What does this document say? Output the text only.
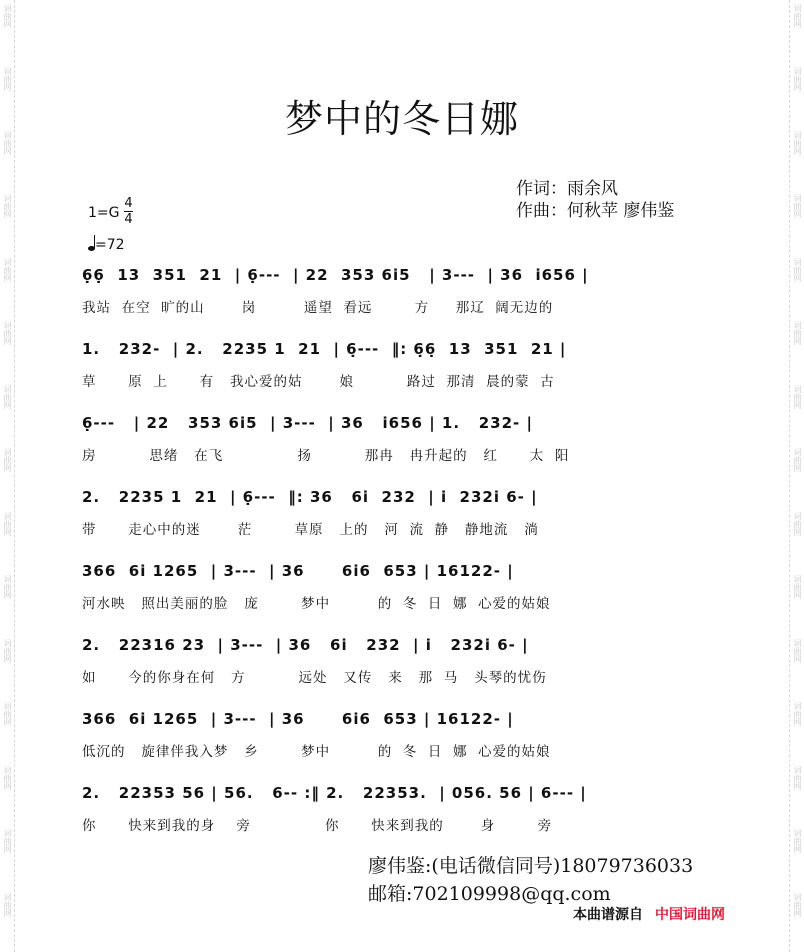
词曲网
词曲网
词曲网
词曲网
词曲网
词曲网
词曲网
词曲网
词曲网
词曲网
词曲网
词曲网
词曲网
词曲网
词曲网
词曲网
词曲网
词曲网
词曲网
词曲网
词曲网
词曲网
词曲网
词曲网
词曲网
词曲网
词曲网
词曲网
词曲网
词曲网
梦中的冬日娜
作词：雨余风
作曲：何秋苹 廖伟鉴
1=G
4
4
=72
6̣6̣  13  351  21  | 6̣---  | 22  353 6i5   | 3---  | 36  i656 |
我站  在空  旷的山       岗         遥望  看远        方     那辽  阔无边的
1.   232-  | 2.   2235 1  21  | 6̣---  ‖: 6̣6̣  13  351  21 |
草      原  上      有   我心爱的姑       娘          路过  那清  晨的蒙  古
6̣---   | 22   353 6i5  | 3---  | 36   i656 | 1.   232- |
房          思绪   在飞              扬          那冉   冉升起的   红      太  阳
2.   2235 1  21  | 6̣---  ‖: 36   6i  232  | i  232i 6- |
带      走心中的迷       茫        草原   上的   河  流  静   静地流   淌
366  6i 1265  | 3---  | 36      6i6  653 | 16122- |
河水映   照出美丽的脸   庞        梦中         的  冬  日  娜  心爱的姑娘
2.   22316 23  | 3---  | 36   6i   232  | i   232i 6- |
如      今的你身在何   方          远处   又传   来   那  马   头琴的忧伤
366  6i 1265  | 3---  | 36      6i6  653 | 16122- |
低沉的   旋律伴我入梦   乡        梦中         的  冬  日  娜  心爱的姑娘
2.   22353 56 | 56.   6-- :‖ 2.   22353.  | 056. 56 | 6--- |
你      快来到我的身    旁              你      快来到我的       身        旁
廖伟鉴:(电话微信同号)18079736033
邮箱:702109998@qq.com
本曲谱源自 中国词曲网
